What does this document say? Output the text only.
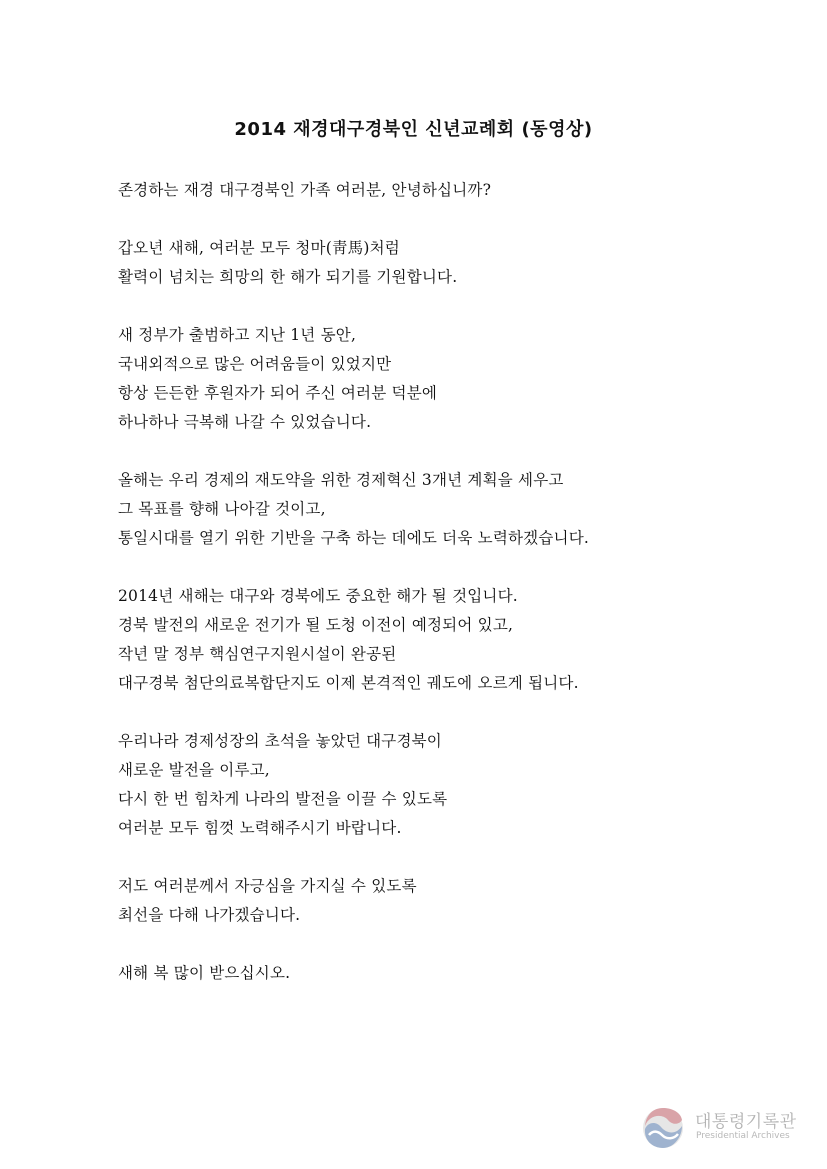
2014 재경대구경북인 신년교례회 (동영상)
존경하는 재경 대구경북인 가족 여러분, 안녕하십니까?
갑오년 새해, 여러분 모두 청마(靑馬)처럼
활력이 넘치는 희망의 한 해가 되기를 기원합니다.
새 정부가 출범하고 지난 1년 동안,
국내외적으로 많은 어려움들이 있었지만
항상 든든한 후원자가 되어 주신 여러분 덕분에
하나하나 극복해 나갈 수 있었습니다.
올해는 우리 경제의 재도약을 위한 경제혁신 3개년 계획을 세우고
그 목표를 향해 나아갈 것이고,
통일시대를 열기 위한 기반을 구축 하는 데에도 더욱 노력하겠습니다.
2014년 새해는 대구와 경북에도 중요한 해가 될 것입니다.
경북 발전의 새로운 전기가 될 도청 이전이 예정되어 있고,
작년 말 정부 핵심연구지원시설이 완공된
대구경북 첨단의료복합단지도 이제 본격적인 궤도에 오르게 됩니다.
우리나라 경제성장의 초석을 놓았던 대구경북이
새로운 발전을 이루고,
다시 한 번 힘차게 나라의 발전을 이끌 수 있도록
여러분 모두 힘껏 노력해주시기 바랍니다.
저도 여러분께서 자긍심을 가지실 수 있도록
최선을 다해 나가겠습니다.
새해 복 많이 받으십시오.
대통령기록관
Presidential Archives
